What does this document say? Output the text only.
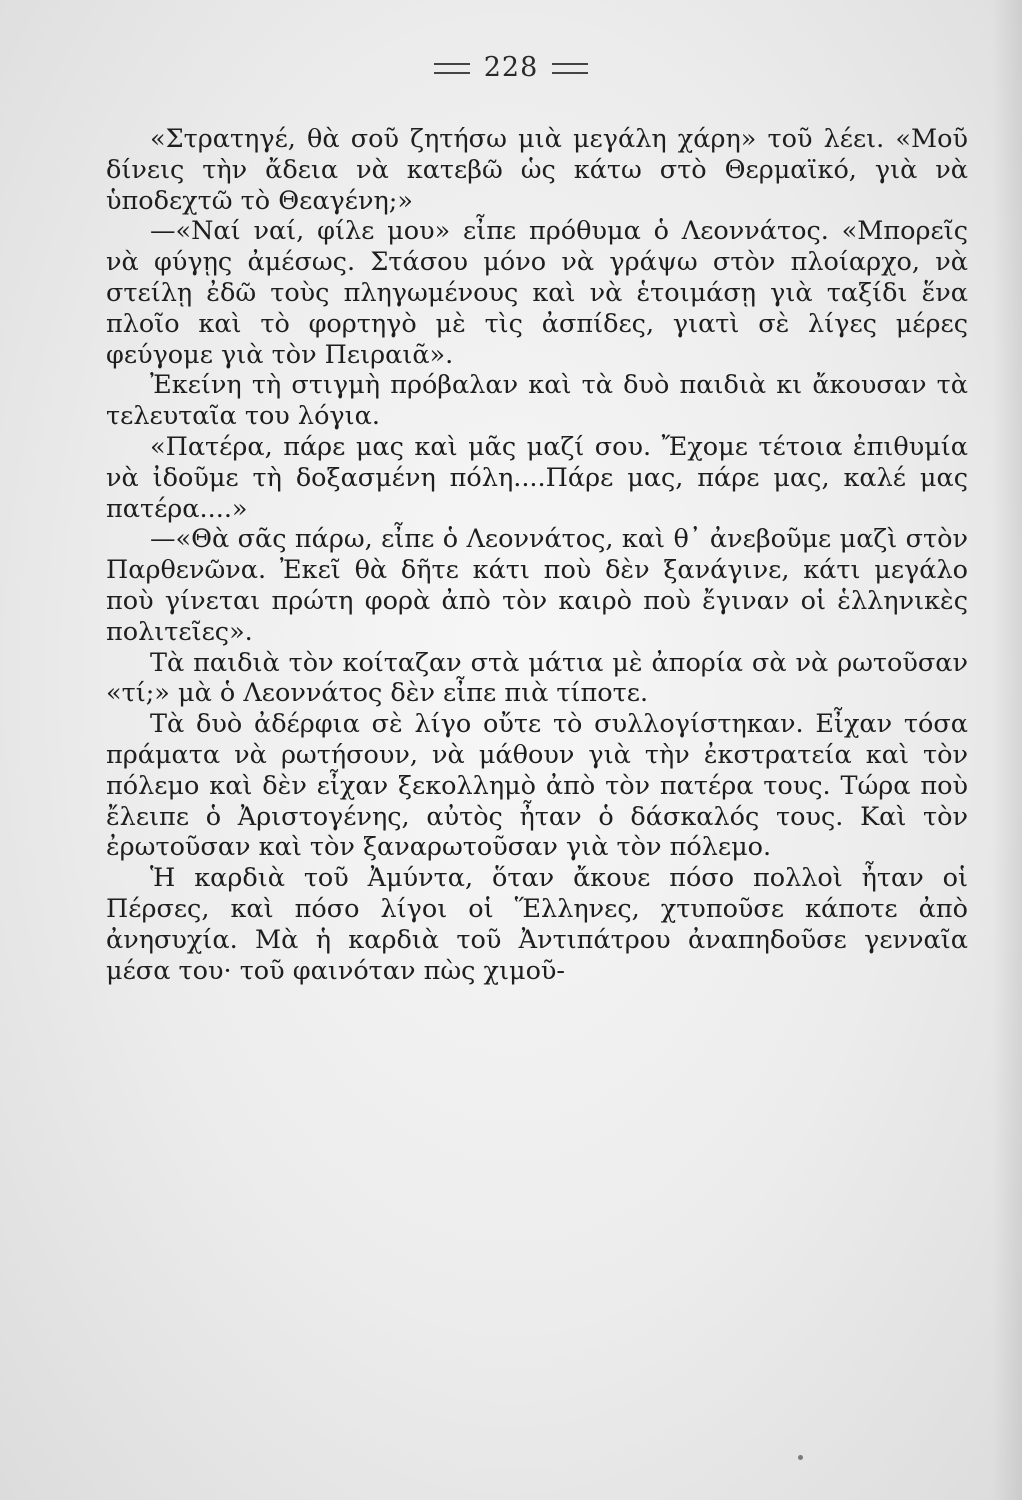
228

«Στρατηγέ, θὰ σοῦ ζητήσω μιὰ μεγάλη χάρη» τοῦ λέει. «Μοῦ δίνεις τὴν ἄδεια νὰ κατεβῶ ὡς κάτω στὸ Θερμαϊκό, γιὰ νὰ ὑποδεχτῶ τὸ Θεαγένη;»

—«Ναί ναί, φίλε μου» εἶπε πρόθυμα ὁ Λεοννάτος. «Μπορεῖς νὰ φύγῃς ἀμέσως. Στάσου μόνο νὰ γράψω στὸν πλοίαρχο, νὰ στείλῃ ἐδῶ τοὺς πληγωμένους καὶ νὰ ἑτοιμάσῃ γιὰ ταξίδι ἕνα πλοῖο καὶ τὸ φορτηγὸ μὲ τὶς ἀσπίδες, γιατὶ σὲ λίγες μέρες φεύγομε γιὰ τὸν Πειραιᾶ».

Ἐκείνη τὴ στιγμὴ πρόβαλαν καὶ τὰ δυὸ παιδιὰ κι ἄκουσαν τὰ τελευταῖα του λόγια.

«Πατέρα, πάρε μας καὶ μᾶς μαζί σου. Ἔχομε τέτοια ἐπιθυμία νὰ ἰδοῦμε τὴ δοξασμένη πόλη....Πάρε μας, πάρε μας, καλέ μας πατέρα....»

—«Θὰ σᾶς πάρω, εἶπε ὁ Λεοννάτος, καὶ θ᾽ ἀνεβοῦμε μαζὶ στὸν Παρθενῶνα. Ἐκεῖ θὰ δῆτε κάτι ποὺ δὲν ξανάγινε, κάτι μεγάλο ποὺ γίνεται πρώτη φορὰ ἀπὸ τὸν καιρὸ ποὺ ἔγιναν οἱ ἑλληνικὲς πολιτεῖες».

Τὰ παιδιὰ τὸν κοίταζαν στὰ μάτια μὲ ἀπορία σὰ νὰ ρωτοῦσαν «τί;» μὰ ὁ Λεοννάτος δὲν εἶπε πιὰ τίποτε.

Τὰ δυὸ ἀδέρφια σὲ λίγο οὔτε τὸ συλλογίστηκαν. Εἶχαν τόσα πράματα νὰ ρωτήσουν, νὰ μάθουν γιὰ τὴν ἐκστρατεία καὶ τὸν πόλεμο καὶ δὲν εἶχαν ξεκολλημὸ ἀπὸ τὸν πατέρα τους. Τώρα ποὺ ἔλειπε ὁ Ἀριστογένης, αὐτὸς ἦταν ὁ δάσκαλός τους. Καὶ τὸν ἐρωτοῦσαν καὶ τὸν ξαναρωτοῦσαν γιὰ τὸν πόλεμο.

Ἡ καρδιὰ τοῦ Ἀμύντα, ὅταν ἄκουε πόσο πολλοὶ ἦταν οἱ Πέρσες, καὶ πόσο λίγοι οἱ Ἕλληνες, χτυποῦσε κάποτε ἀπὸ ἀνησυχία. Μὰ ἡ καρδιὰ τοῦ Ἀντιπάτρου ἀναπηδοῦσε γενναῖα μέσα του· τοῦ φαινόταν πὼς χιμοῦ-
